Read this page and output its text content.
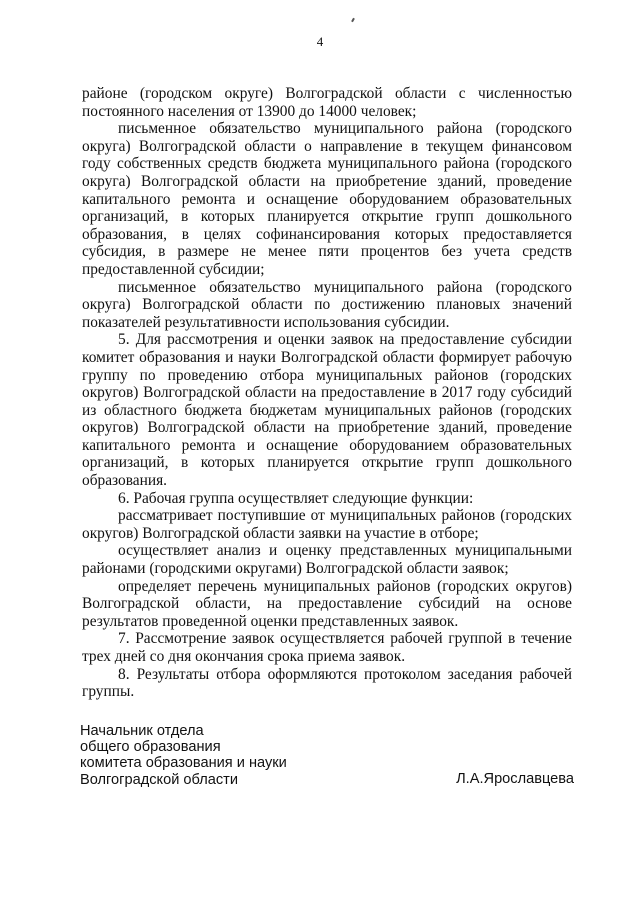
4

районе (городском округе) Волгоградской области с численностью постоянного населения от 13900 до 14000 человек;

письменное обязательство муниципального района (городского округа) Волгоградской области о направление в текущем финансовом году собственных средств бюджета муниципального района (городского округа) Волгоградской области на приобретение зданий, проведение капитального ремонта и оснащение оборудованием образовательных организаций, в которых планируется открытие групп дошкольного образования, в целях софинансирования которых предоставляется субсидия, в размере не менее пяти процентов без учета средств предоставленной субсидии;

письменное обязательство муниципального района (городского округа) Волгоградской области по достижению плановых значений показателей результативности использования субсидии.

5. Для рассмотрения и оценки заявок на предоставление субсидии комитет образования и науки Волгоградской области формирует рабочую группу по проведению отбора муниципальных районов (городских округов) Волгоградской области на предоставление в 2017 году субсидий из областного бюджета бюджетам муниципальных районов (городских округов) Волгоградской области на приобретение зданий, проведение капитального ремонта и оснащение оборудованием образовательных организаций, в которых планируется открытие групп дошкольного образования.

6. Рабочая группа осуществляет следующие функции:

рассматривает поступившие от муниципальных районов (городских округов) Волгоградской области заявки на участие в отборе;

осуществляет анализ и оценку представленных муниципальными районами (городскими округами) Волгоградской области заявок;

определяет перечень муниципальных районов (городских округов) Волгоградской области, на предоставление субсидий на основе результатов проведенной оценки представленных заявок.

7. Рассмотрение заявок осуществляется рабочей группой в течение трех дней со дня окончания срока приема заявок.

8. Результаты отбора оформляются протоколом заседания рабочей группы.

Начальник отдела
общего образования
комитета образования и науки
Волгоградской области	Л.А.Ярославцева
